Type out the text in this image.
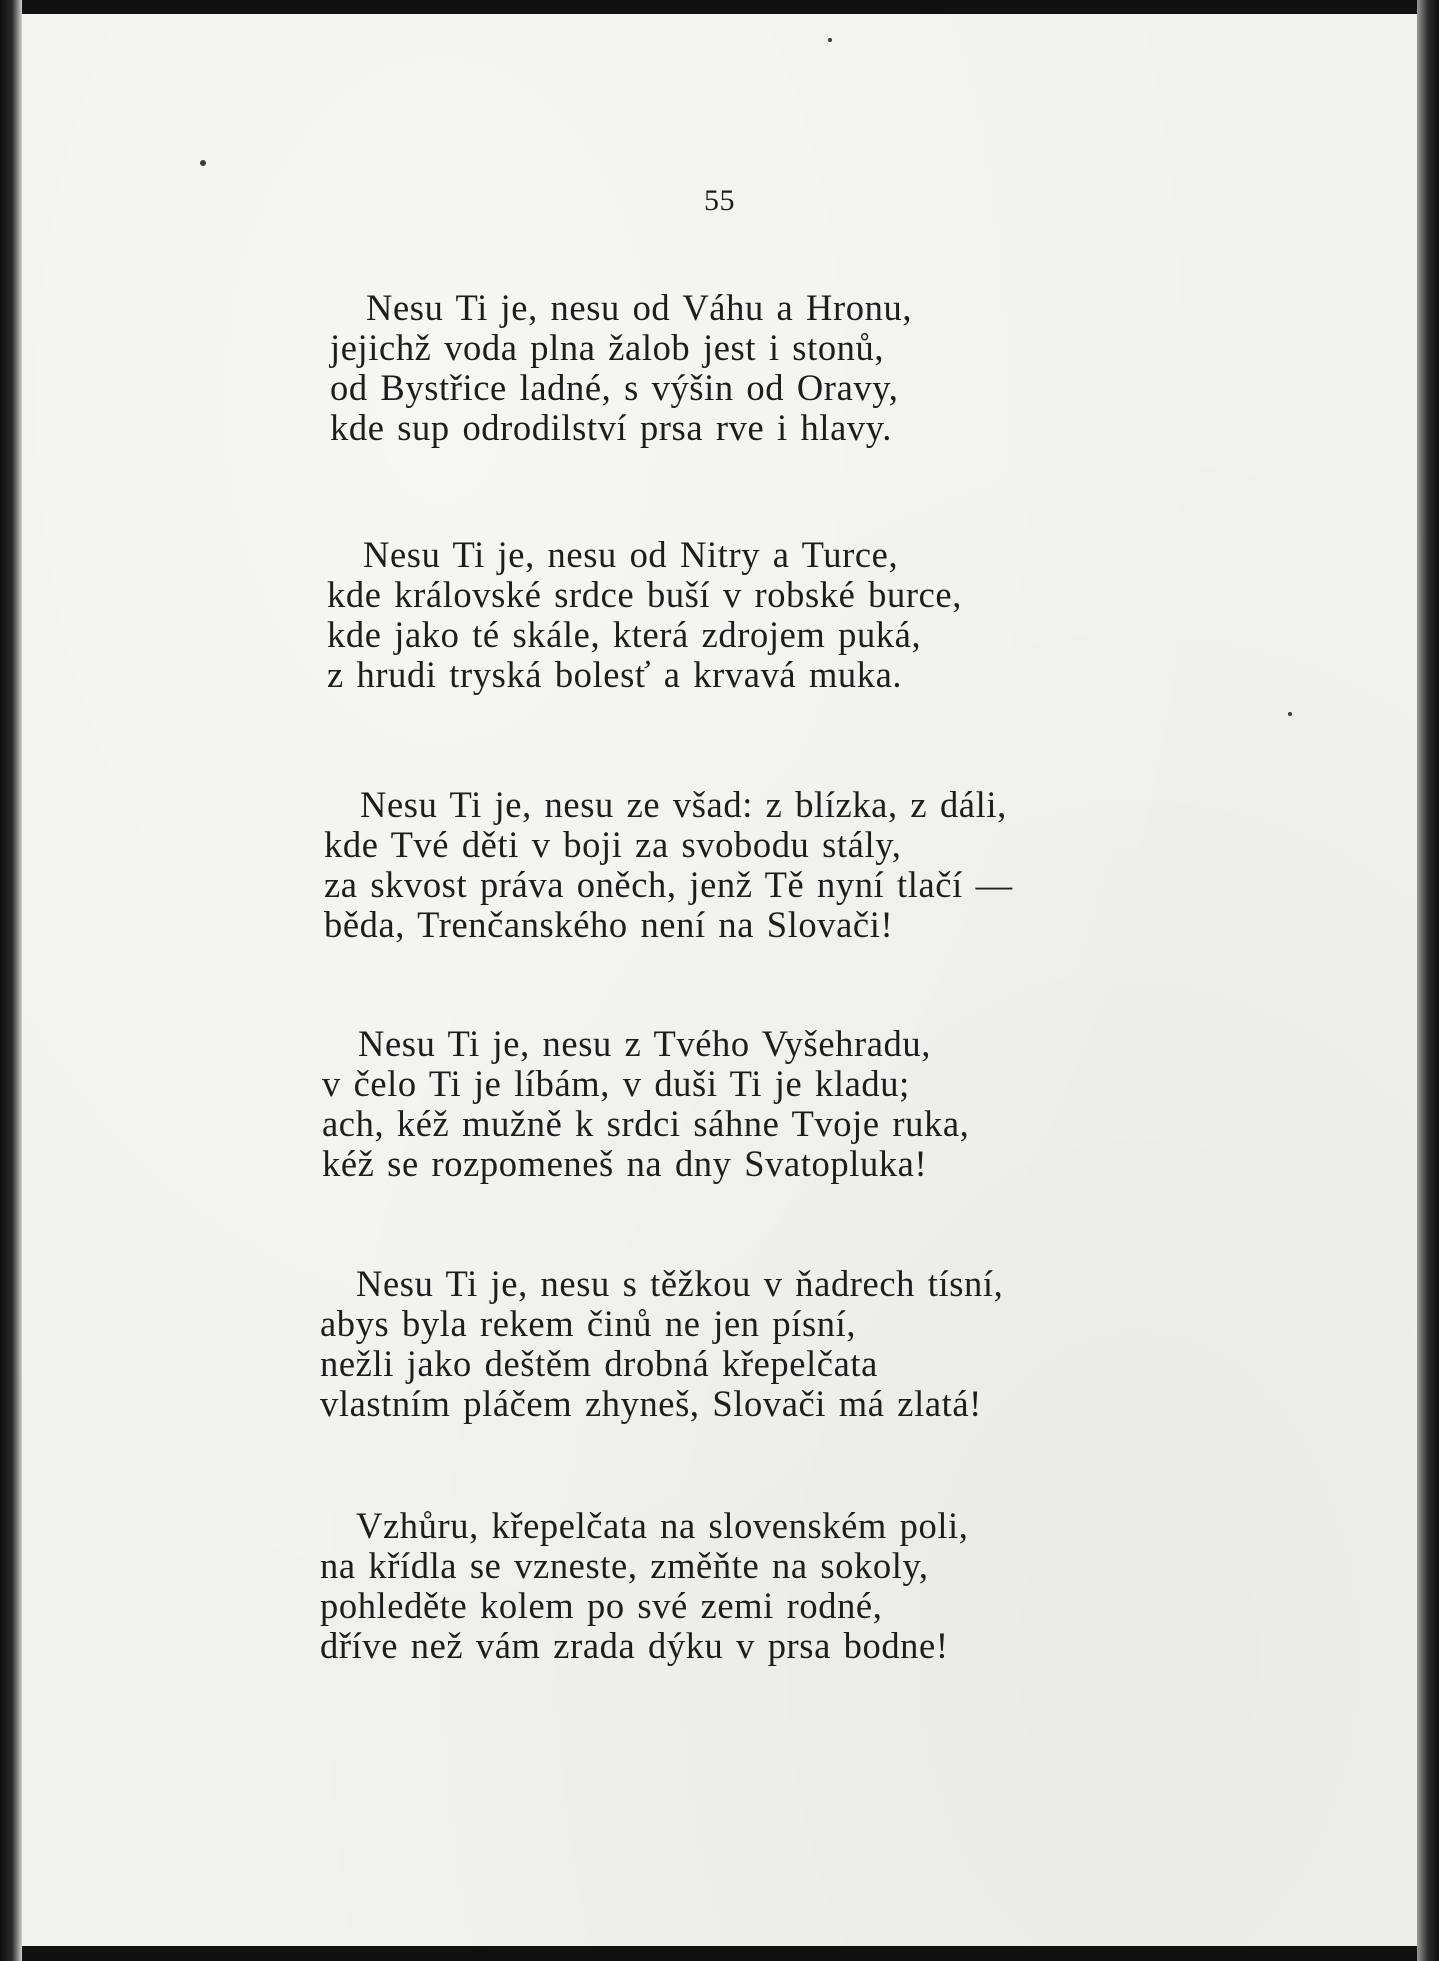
55
Nesu Ti je, nesu od Váhu a Hronu,
jejichž voda plna žalob jest i stonů,
od Bystřice ladné, s výšin od Oravy,
kde sup odrodilství prsa rve i hlavy.
Nesu Ti je, nesu od Nitry a Turce,
kde královské srdce buší v robské burce,
kde jako té skále, která zdrojem puká,
z hrudi tryská bolesť a krvavá muka.
Nesu Ti je, nesu ze všad: z blízka, z dáli,
kde Tvé děti v boji za svobodu stály,
za skvost práva oněch, jenž Tě nyní tlačí —
běda, Trenčanského není na Slovači!
Nesu Ti je, nesu z Tvého Vyšehradu,
v čelo Ti je líbám, v duši Ti je kladu;
ach, kéž mužně k srdci sáhne Tvoje ruka,
kéž se rozpomeneš na dny Svatopluka!
Nesu Ti je, nesu s těžkou v ňadrech tísní,
abys byla rekem činů ne jen písní,
nežli jako deštěm drobná křepelčata
vlastním pláčem zhyneš, Slovači má zlatá!
Vzhůru, křepelčata na slovenském poli,
na křídla se vzneste, změňte na sokoly,
pohleděte kolem po své zemi rodné,
dříve než vám zrada dýku v prsa bodne!
